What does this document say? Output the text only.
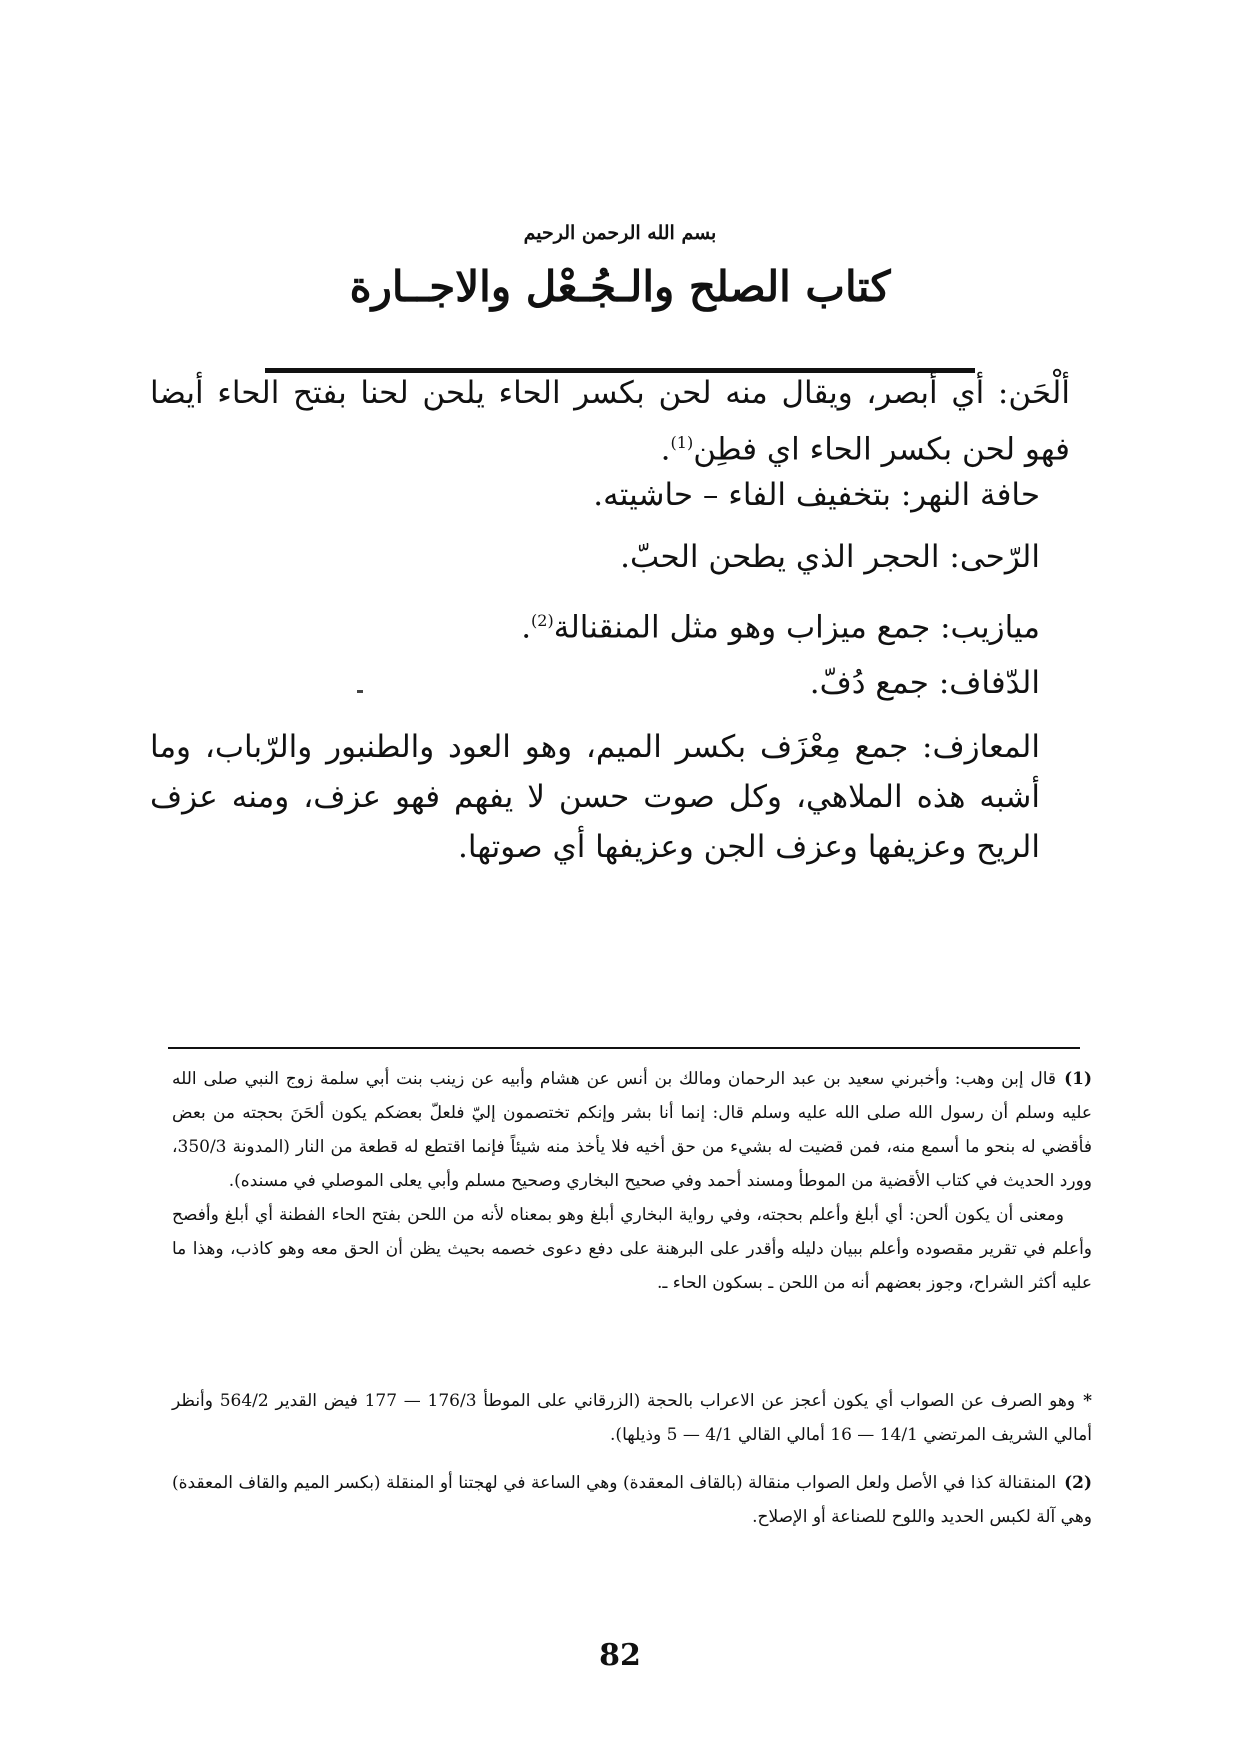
بسم الله الرحمن الرحيم
كتاب الصلح والـجُـعْل والاجــارة
ألْحَن: أي أبصر، ويقال منه لحن بكسر الحاء يلحن لحنا بفتح الحاء أيضا فهو لحن بكسر الحاء اي فطِن$^{(1)}$.
حافة النهر: بتخفيف الفاء – حاشيته.
الرّحى: الحجر الذي يطحن الحبّ.
ميازيب: جمع ميزاب وهو مثل المنقنالة$^{(2)}$.
الدّفاف: جمع دُفّ.
المعازف: جمع مِعْزَف بكسر الميم، وهو العود والطنبور والرّباب، وما أشبه هذه الملاهي، وكل صوت حسن لا يفهم فهو عزف، ومنه عزف الريح وعزيفها وعزف الجن وعزيفها أي صوتها.
(1)قال إبن وهب: وأخبرني سعيد بن عبد الرحمان ومالك بن أنس عن هشام وأبيه عن زينب بنت أبي سلمة زوج النبي صلى الله عليه وسلم أن رسول الله صلى الله عليه وسلم قال: إنما أنا بشر وإنكم تختصمون إليّ فلعلّ بعضكم يكون ألحَنَ بحجته من بعض فأقضي له بنحو ما أسمع منه، فمن قضيت له بشيء من حق أخيه فلا يأخذ منه شيئاً فإنما اقتطع له قطعة من النار (المدونة 350/3، وورد الحديث في كتاب الأقضية من الموطأ ومسند أحمد وفي صحيح البخاري وصحيح مسلم وأبي يعلى الموصلي في مسنده).
ومعنى أن يكون ألحن: أي أبلغ وأعلم بحجته، وفي رواية البخاري أبلغ وهو بمعناه لأنه من اللحن بفتح الحاء الفطنة أي أبلغ وأفصح وأعلم في تقرير مقصوده وأعلم ببيان دليله وأقدر على البرهنة على دفع دعوى خصمه بحيث يظن أن الحق معه وهو كاذب، وهذا ما عليه أكثر الشراح، وجوز بعضهم أنه من اللحن ـ بسكون الحاء ـ.
*وهو الصرف عن الصواب أي يكون أعجز عن الاعراب بالحجة (الزرقاني على الموطأ 176/3 — 177 فيض القدير 564/2 وأنظر أمالي الشريف المرتضي 14/1 — 16 أمالي القالي 4/1 — 5 وذيلها).
(2)المنقنالة كذا في الأصل ولعل الصواب منقالة (بالقاف المعقدة) وهي الساعة في لهجتنا أو المنقلة (بكسر الميم والقاف المعقدة) وهي آلة لكبس الحديد واللوح للصناعة أو الإصلاح.
82
